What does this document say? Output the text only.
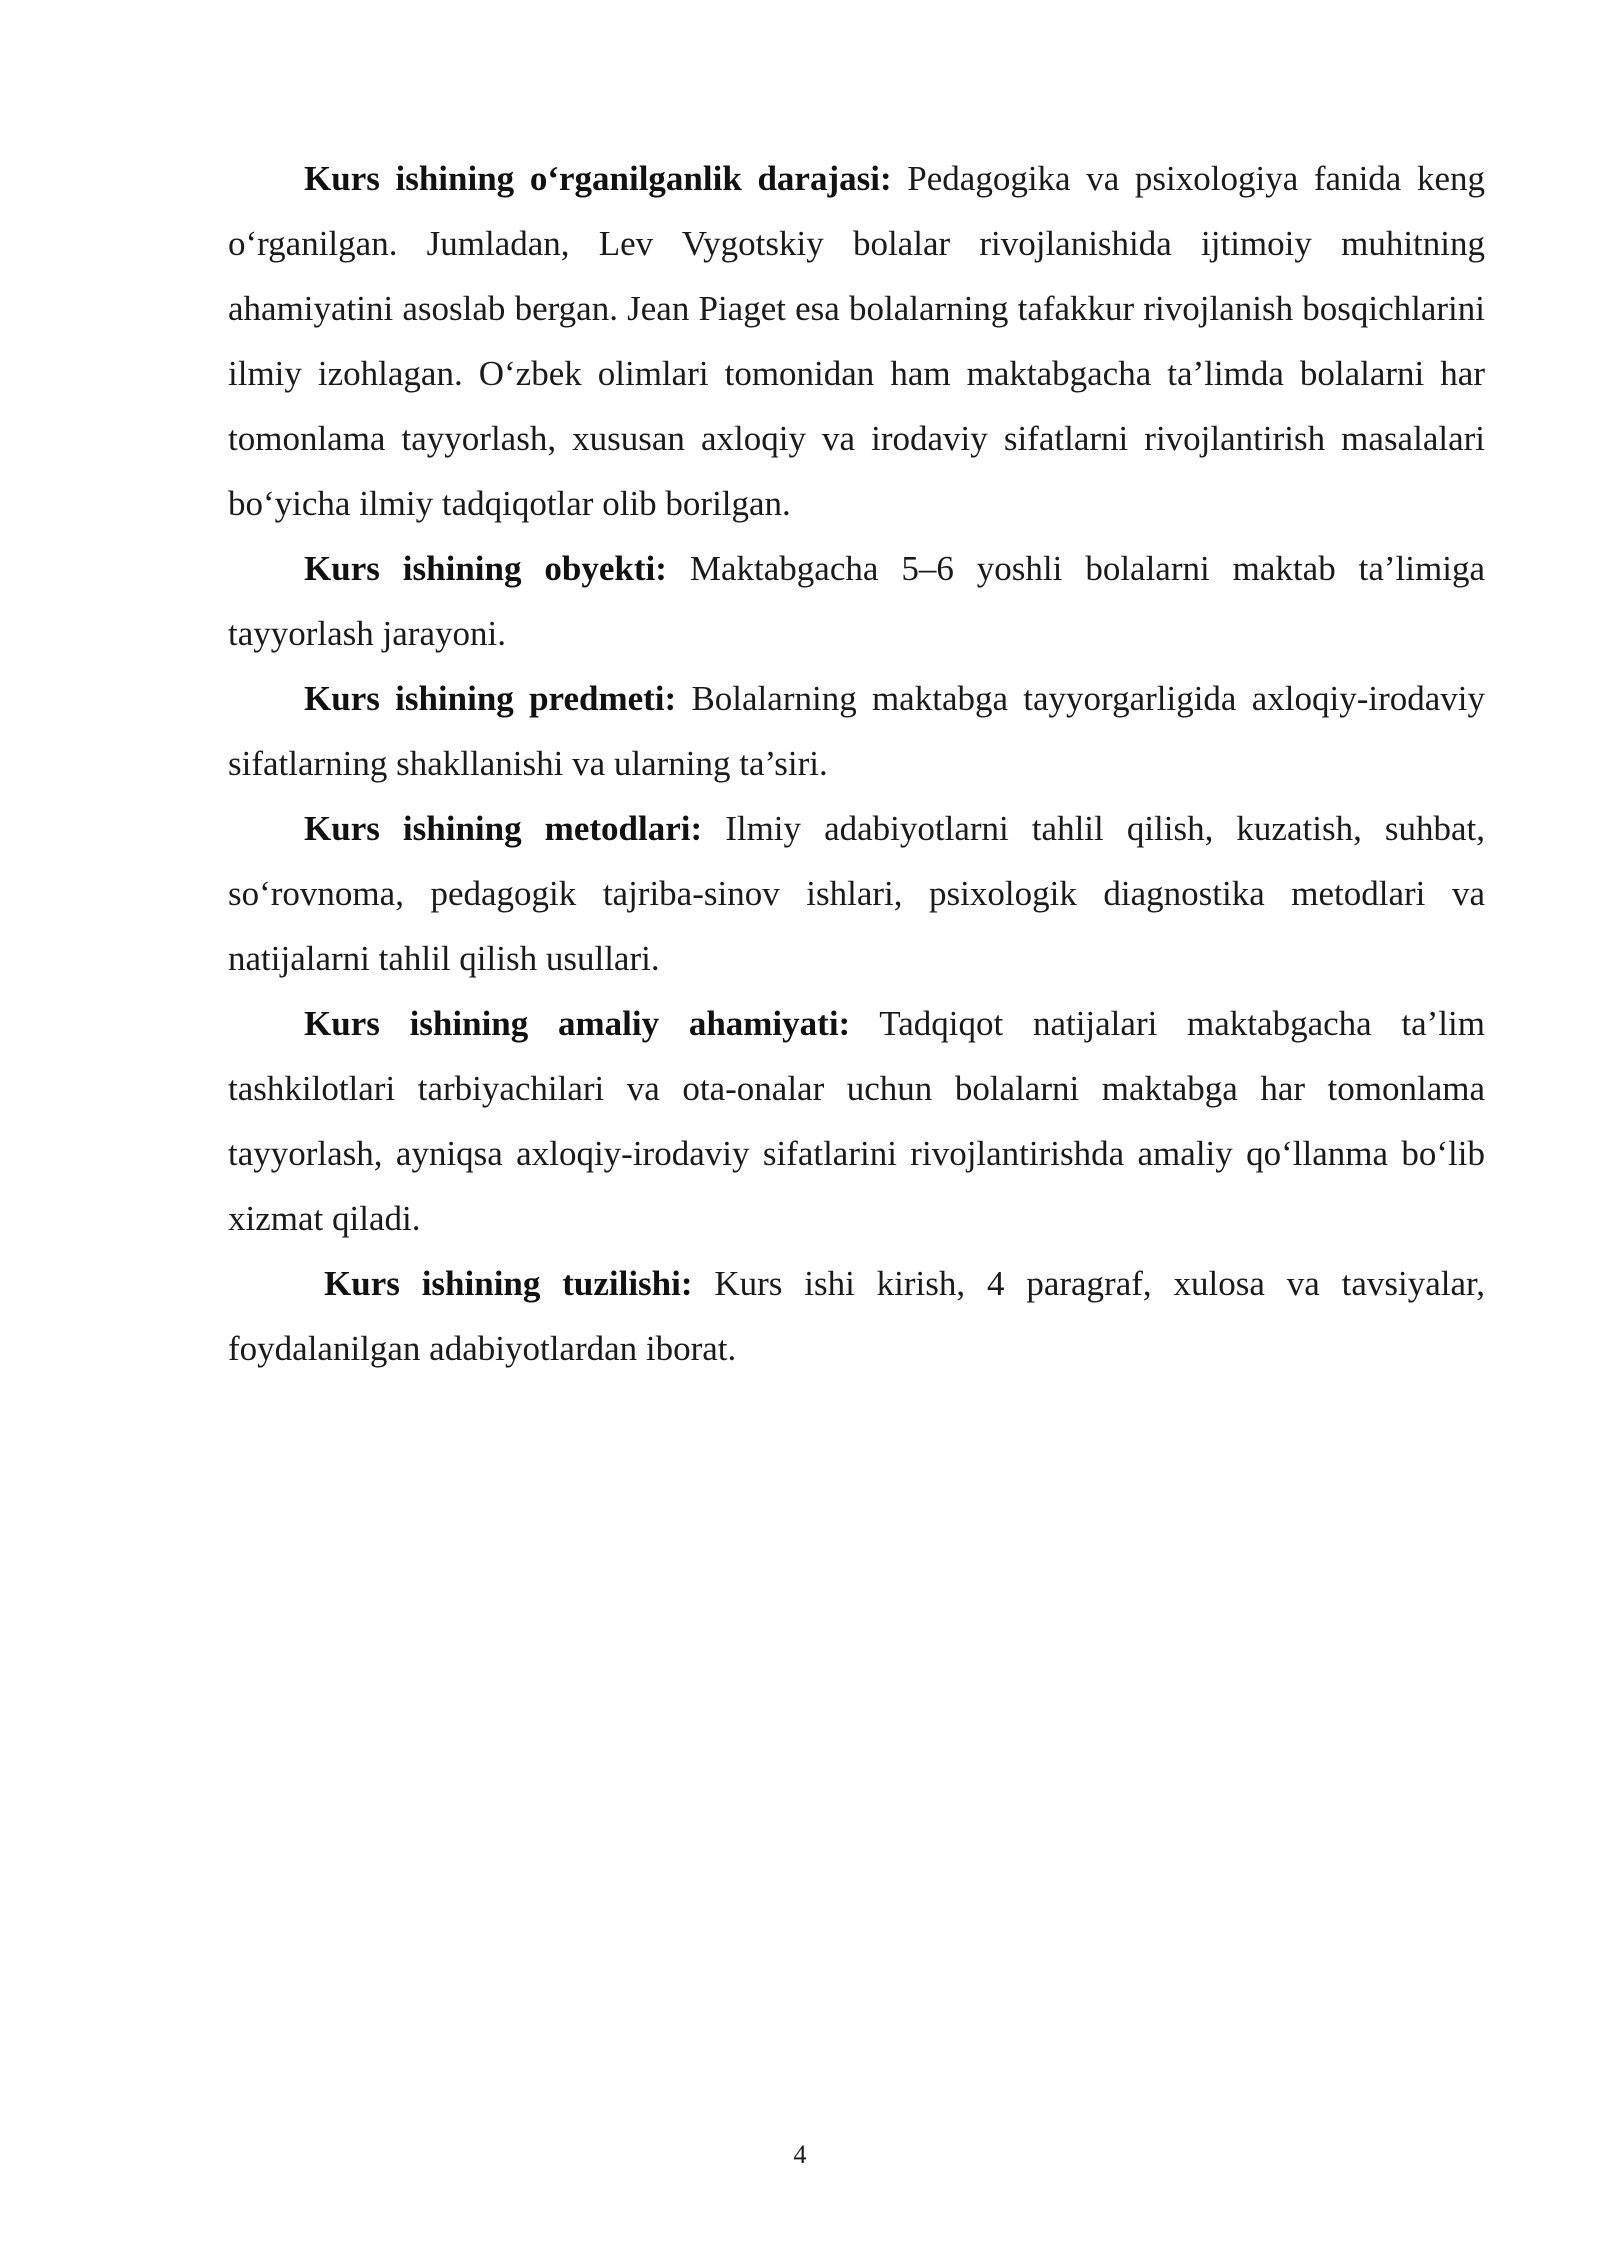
Kurs ishining o‘rganilganlik darajasi: Pedagogika va psixologiya fanida keng o‘rganilgan. Jumladan, Lev Vygotskiy bolalar rivojlanishida ijtimoiy muhitning ahamiyatini asoslab bergan. Jean Piaget esa bolalarning tafakkur rivojlanish bosqichlarini ilmiy izohlagan. O‘zbek olimlari tomonidan ham maktabgacha ta’limda bolalarni har tomonlama tayyorlash, xususan axloqiy va irodaviy sifatlarni rivojlantirish masalalari bo‘yicha ilmiy tadqiqotlar olib borilgan.

Kurs ishining obyekti: Maktabgacha 5–6 yoshli bolalarni maktab ta’limiga tayyorlash jarayoni.

Kurs ishining predmeti: Bolalarning maktabga tayyorgarligida axloqiy-irodaviy sifatlarning shakllanishi va ularning ta’siri.

Kurs ishining metodlari: Ilmiy adabiyotlarni tahlil qilish, kuzatish, suhbat, so‘rovnoma, pedagogik tajriba-sinov ishlari, psixologik diagnostika metodlari va natijalarni tahlil qilish usullari.

Kurs ishining amaliy ahamiyati: Tadqiqot natijalari maktabgacha ta’lim tashkilotlari tarbiyachilari va ota-onalar uchun bolalarni maktabga har tomonlama tayyorlash, ayniqsa axloqiy-irodaviy sifatlarini rivojlantirishda amaliy qo‘llanma bo‘lib xizmat qiladi.

Kurs ishining tuzilishi: Kurs ishi kirish, 4 paragraf, xulosa va tavsiyalar, foydalanilgan adabiyotlardan iborat.

4
